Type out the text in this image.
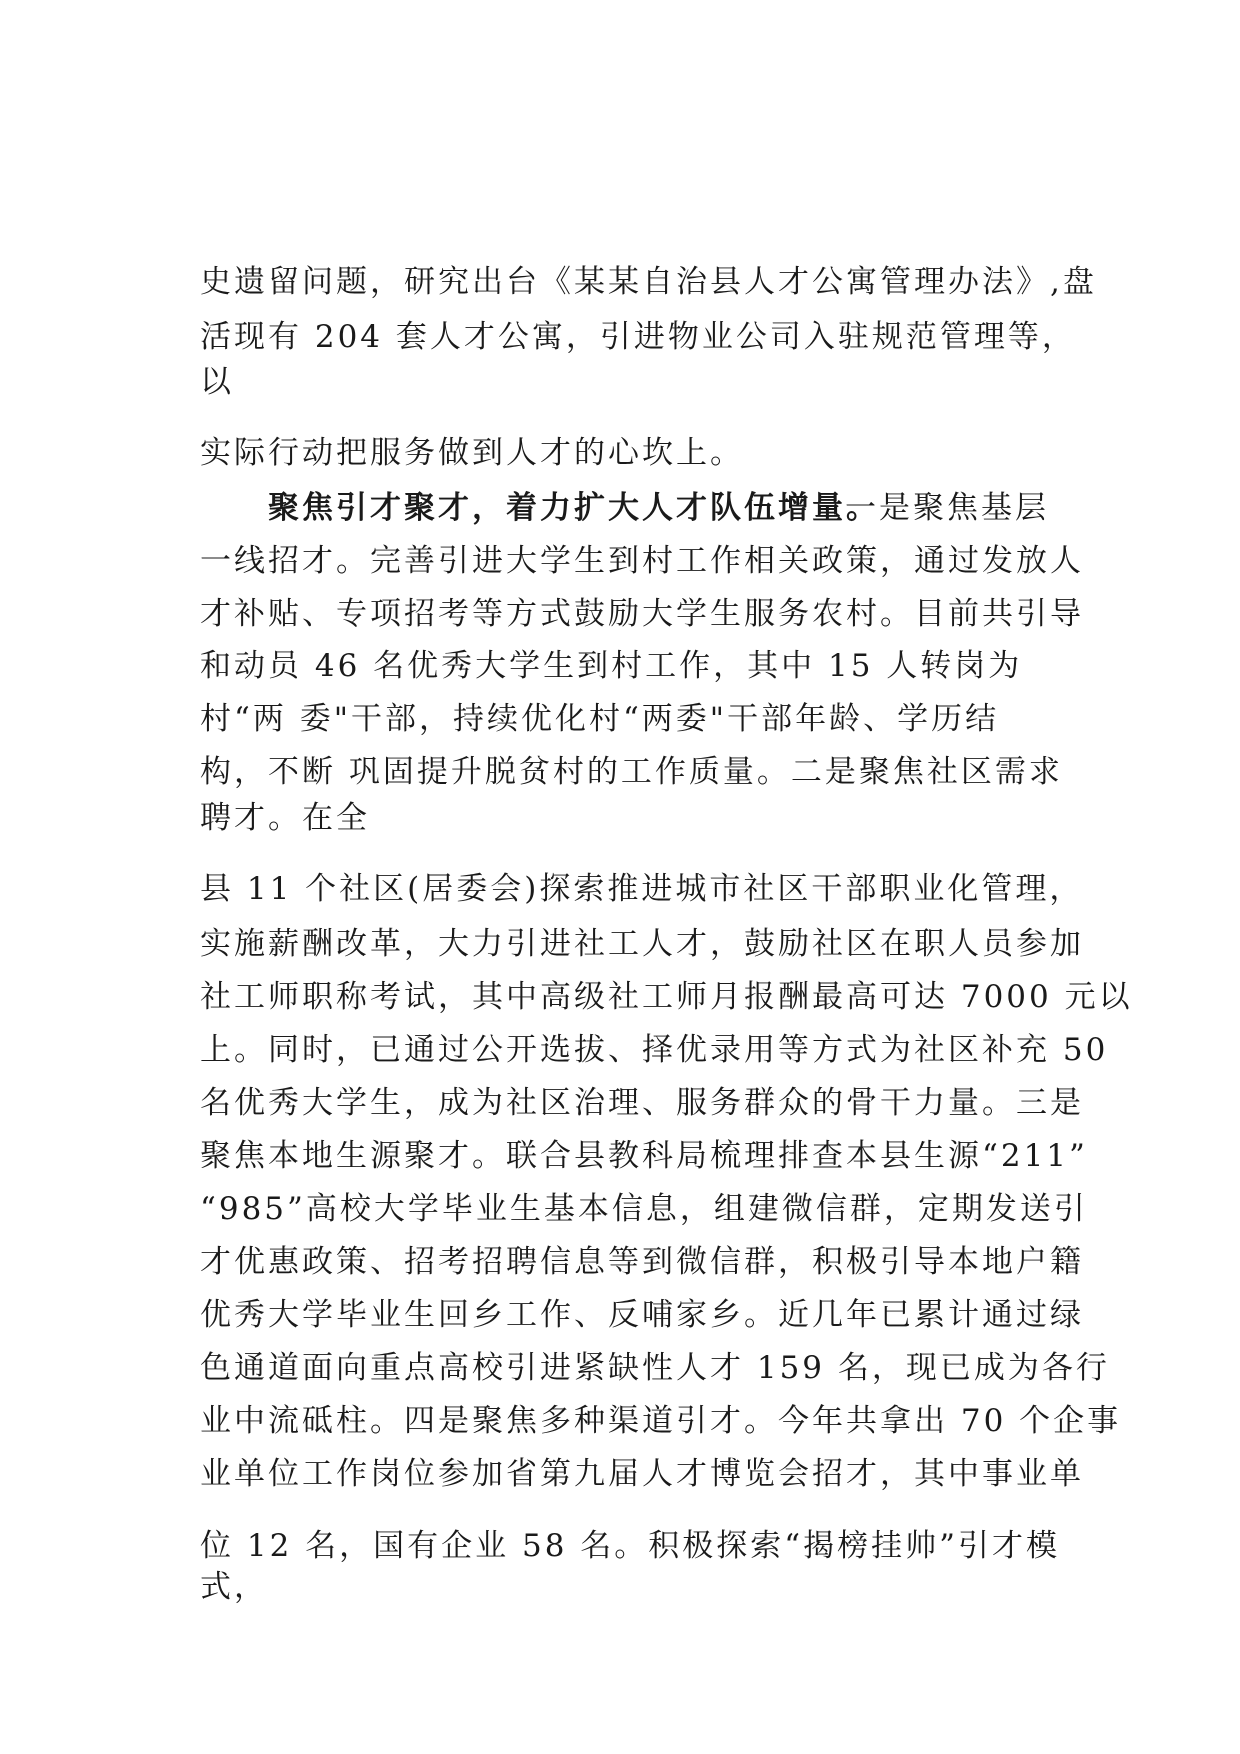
史遗留问题，研究出台《某某自治县人才公寓管理办法》,盘
活现有 204 套人才公寓，引进物业公司入驻规范管理等，
以
实际行动把服务做到人才的心坎上。
聚焦引才聚才，着力扩大人才队伍增量。
一是聚焦基层
一线招才。完善引进大学生到村工作相关政策，通过发放人
才补贴、专项招考等方式鼓励大学生服务农村。目前共引导
和动员 46 名优秀大学生到村工作，其中 15 人转岗为
村“两 委"干部，持续优化村“两委"干部年龄、学历结
构，不断 巩固提升脱贫村的工作质量。二是聚焦社区需求
聘才。在全
县 11 个社区(居委会)探索推进城市社区干部职业化管理，
实施薪酬改革，大力引进社工人才，鼓励社区在职人员参加
社工师职称考试，其中高级社工师月报酬最高可达 7000 元以
上。同时，已通过公开选拔、择优录用等方式为社区补充 50
名优秀大学生，成为社区治理、服务群众的骨干力量。三是
聚焦本地生源聚才。联合县教科局梳理排查本县生源“211”
“985”高校大学毕业生基本信息，组建微信群，定期发送引
才优惠政策、招考招聘信息等到微信群，积极引导本地户籍
优秀大学毕业生回乡工作、反哺家乡。近几年已累计通过绿
色通道面向重点高校引进紧缺性人才 159 名，现已成为各行
业中流砥柱。四是聚焦多种渠道引才。今年共拿出 70 个企事
业单位工作岗位参加省第九届人才博览会招才，其中事业单
位 12 名，国有企业 58 名。积极探索“揭榜挂帅”引才模
式，
